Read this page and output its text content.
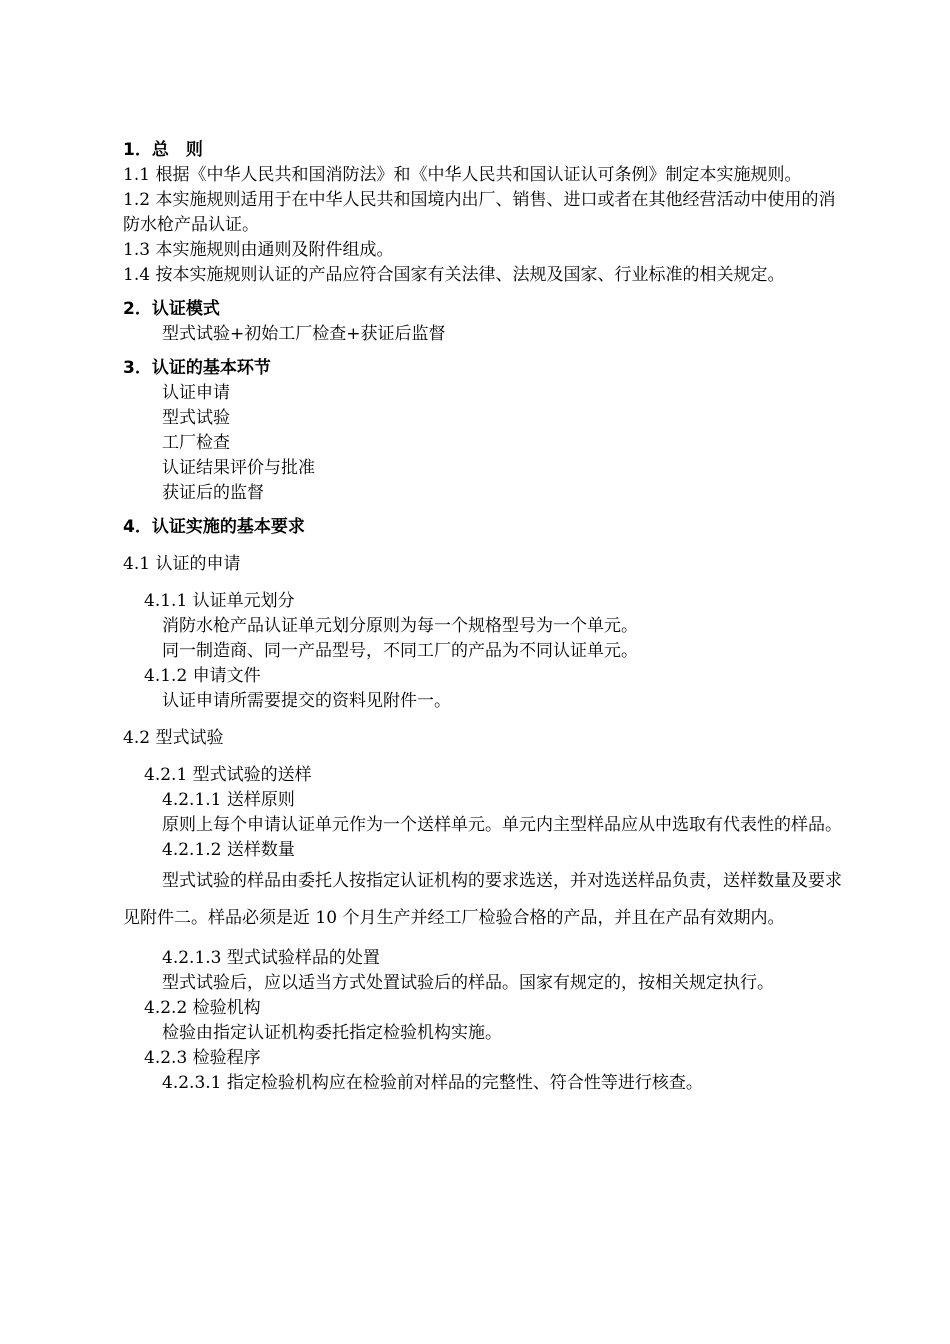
1．总　则
1.1 根据《中华人民共和国消防法》和《中华人民共和国认证认可条例》制定本实施规则。
1.2 本实施规则适用于在中华人民共和国境内出厂、销售、进口或者在其他经营活动中使用的消防水枪产品认证。
1.3 本实施规则由通则及附件组成。
1.4 按本实施规则认证的产品应符合国家有关法律、法规及国家、行业标准的相关规定。
2．认证模式
型式试验+初始工厂检查+获证后监督
3．认证的基本环节
认证申请
型式试验
工厂检查
认证结果评价与批准
获证后的监督
4．认证实施的基本要求
4.1 认证的申请
4.1.1 认证单元划分
消防水枪产品认证单元划分原则为每一个规格型号为一个单元。
同一制造商、同一产品型号，不同工厂的产品为不同认证单元。
4.1.2 申请文件
认证申请所需要提交的资料见附件一。
4.2 型式试验
4.2.1 型式试验的送样
4.2.1.1 送样原则
原则上每个申请认证单元作为一个送样单元。单元内主型样品应从中选取有代表性的样品。
4.2.1.2 送样数量
型式试验的样品由委托人按指定认证机构的要求选送，并对选送样品负责，送样数量及要求见附件二。样品必须是近 10 个月生产并经工厂检验合格的产品，并且在产品有效期内。
4.2.1.3 型式试验样品的处置
型式试验后，应以适当方式处置试验后的样品。国家有规定的，按相关规定执行。
4.2.2 检验机构
检验由指定认证机构委托指定检验机构实施。
4.2.3 检验程序
4.2.3.1 指定检验机构应在检验前对样品的完整性、符合性等进行核查。
